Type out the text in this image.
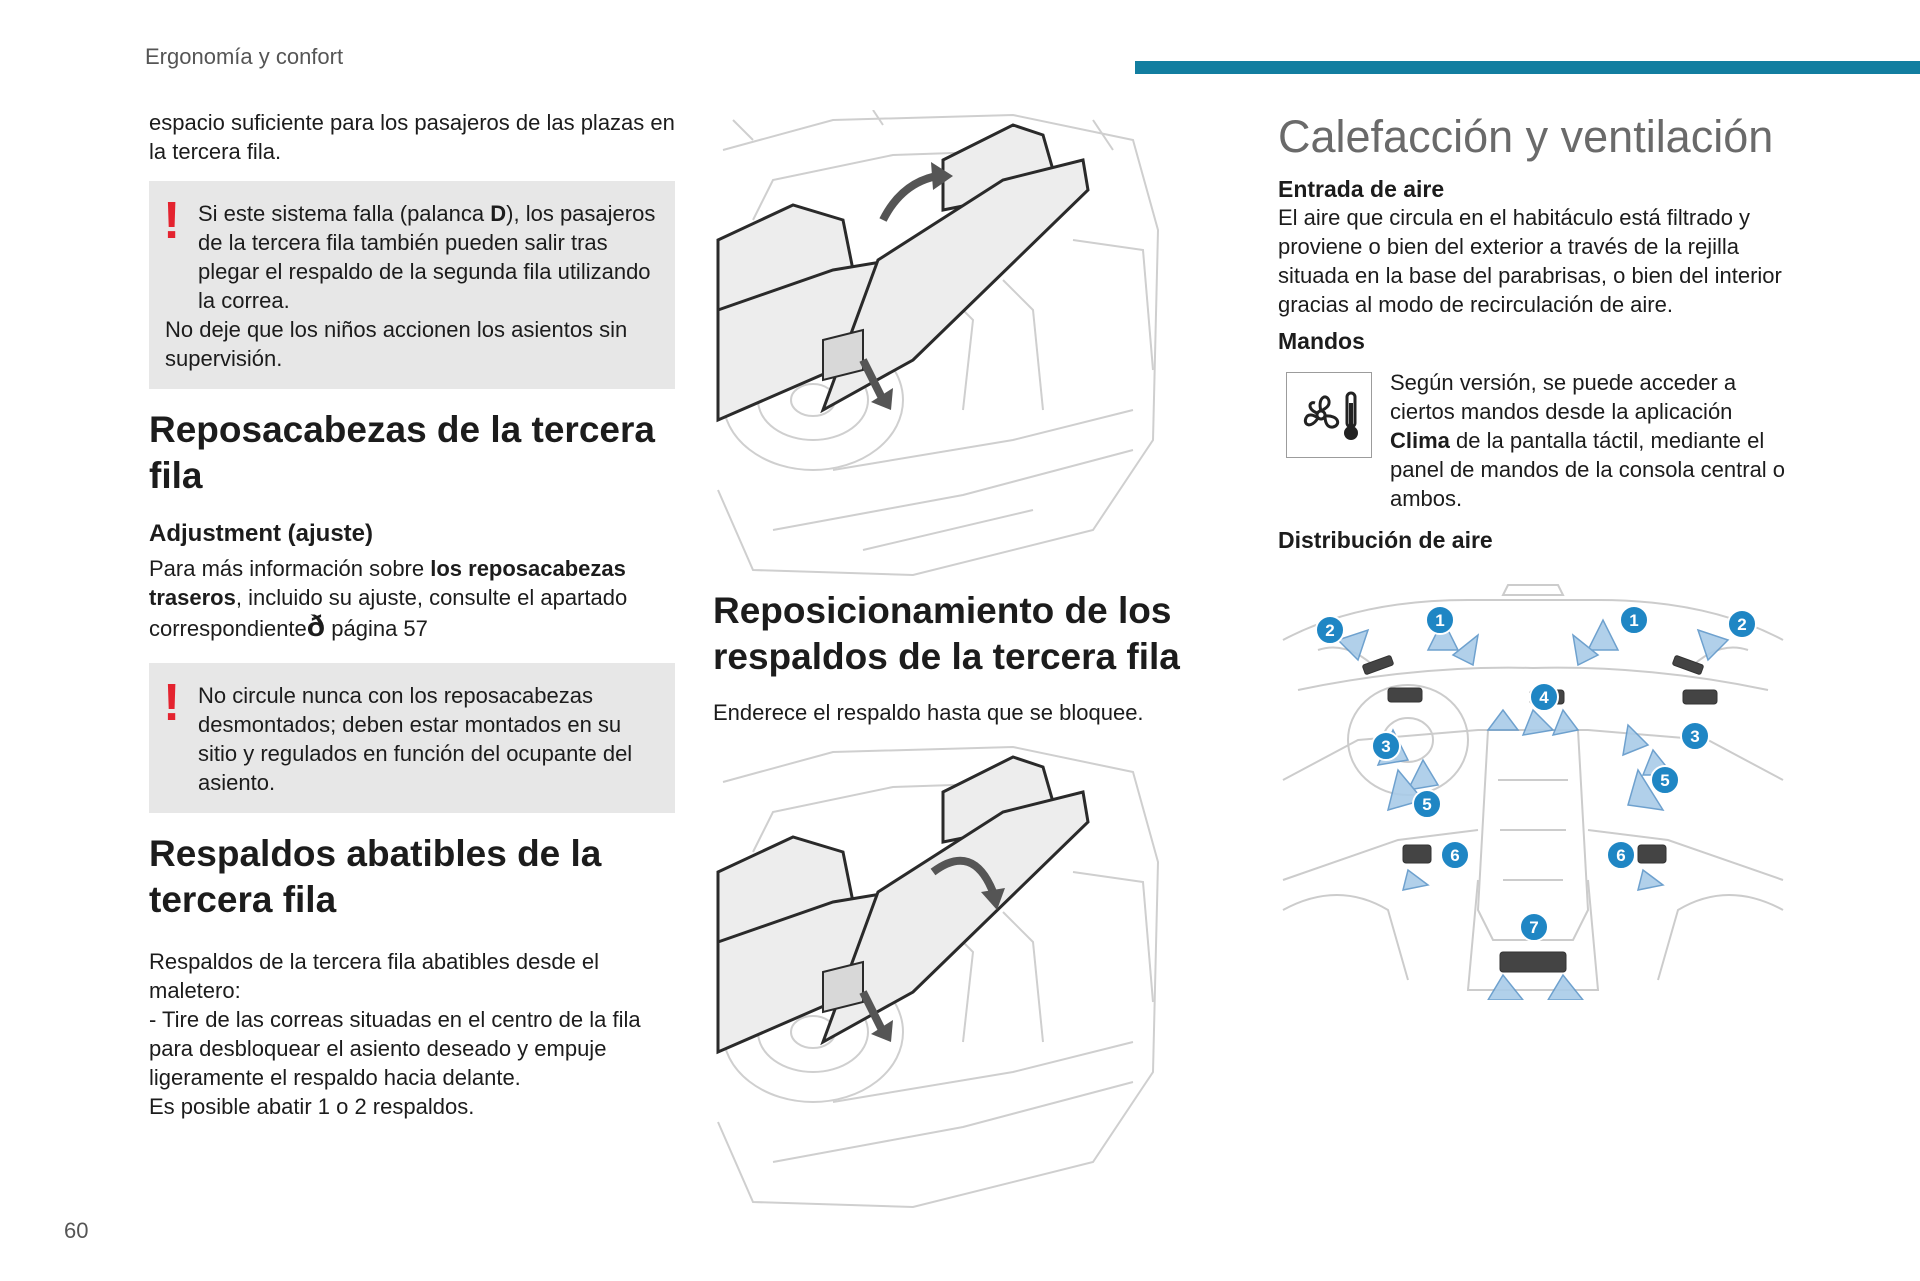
Ergonomía y confort
60

espacio suficiente para los pasajeros de las plazas en la tercera fila.

! Si este sistema falla (palanca D), los pasajeros de la tercera fila también pueden salir tras plegar el respaldo de la segunda fila utilizando la correa.
No deje que los niños accionen los asientos sin supervisión.
Reposacabezas de la tercera fila
Adjustment (ajuste)

Para más información sobre los reposacabezas traseros, incluido su ajuste, consulte el apartado correspondienteð página 57

! No circule nunca con los reposacabezas desmontados; deben estar montados en su sitio y regulados en función del ocupante del asiento.
Respaldos abatibles de la tercera fila

Respaldos de la tercera fila abatibles desde el maletero:

- Tire de las correas situadas en el centro de la fila para desbloquear el asiento deseado y empuje ligeramente el respaldo hacia delante.

Es posible abatir 1 o 2 respaldos.

Reposicionamiento de los respaldos de la tercera fila

Enderece el respaldo hasta que se bloquee.

Calefacción y ventilación
Entrada de aire

El aire que circula en el habitáculo está filtrado y proviene o bien del exterior a través de la rejilla situada en la base del parabrisas, o bien del interior gracias al modo de recirculación de aire.

Mandos

Según versión, se puede acceder a ciertos mandos desde la aplicación Clima de la pantalla táctil, mediante el panel de mandos de la consola central o ambos.

Distribución de aire
1	1
2	2
3
3
4
5
5
6	6
7
